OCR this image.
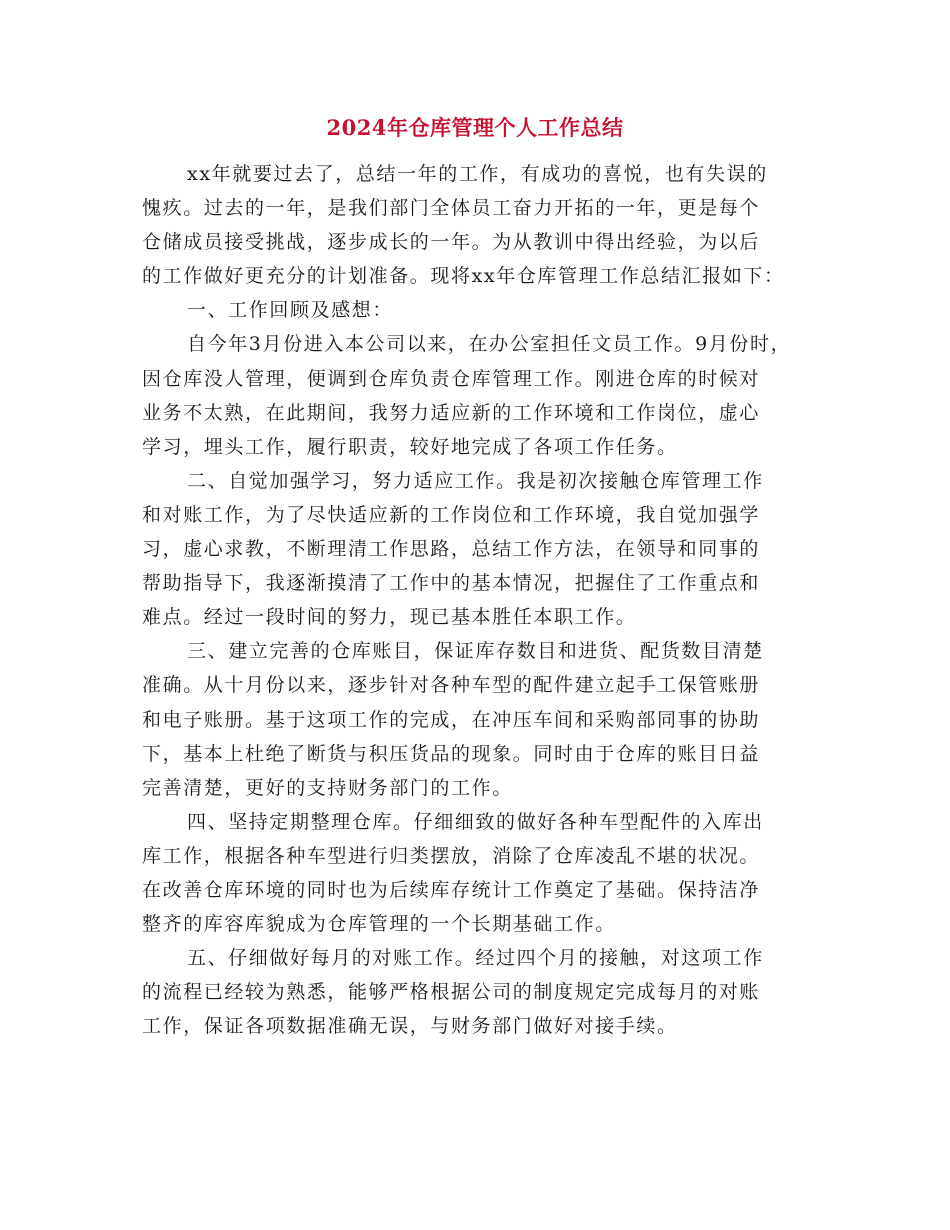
2024年仓库管理个人工作总结
xx年就要过去了，总结一年的工作，有成功的喜悦，也有失误的
愧疚。过去的一年，是我们部门全体员工奋力开拓的一年，更是每个
仓储成员接受挑战，逐步成长的一年。为从教训中得出经验，为以后
的工作做好更充分的计划准备。现将xx年仓库管理工作总结汇报如下：
一、工作回顾及感想：
自今年3月份进入本公司以来，在办公室担任文员工作。9月份时，
因仓库没人管理，便调到仓库负责仓库管理工作。刚进仓库的时候对
业务不太熟，在此期间，我努力适应新的工作环境和工作岗位，虚心
学习，埋头工作，履行职责，较好地完成了各项工作任务。
二、自觉加强学习，努力适应工作。我是初次接触仓库管理工作
和对账工作，为了尽快适应新的工作岗位和工作环境，我自觉加强学
习，虚心求教，不断理清工作思路，总结工作方法，在领导和同事的
帮助指导下，我逐渐摸清了工作中的基本情况，把握住了工作重点和
难点。经过一段时间的努力，现已基本胜任本职工作。
三、建立完善的仓库账目，保证库存数目和进货、配货数目清楚
准确。从十月份以来，逐步针对各种车型的配件建立起手工保管账册
和电子账册。基于这项工作的完成，在冲压车间和采购部同事的协助
下，基本上杜绝了断货与积压货品的现象。同时由于仓库的账目日益
完善清楚，更好的支持财务部门的工作。
四、坚持定期整理仓库。仔细细致的做好各种车型配件的入库出
库工作，根据各种车型进行归类摆放，消除了仓库凌乱不堪的状况。
在改善仓库环境的同时也为后续库存统计工作奠定了基础。保持洁净
整齐的库容库貌成为仓库管理的一个长期基础工作。
五、仔细做好每月的对账工作。经过四个月的接触，对这项工作
的流程已经较为熟悉，能够严格根据公司的制度规定完成每月的对账
工作，保证各项数据准确无误，与财务部门做好对接手续。
